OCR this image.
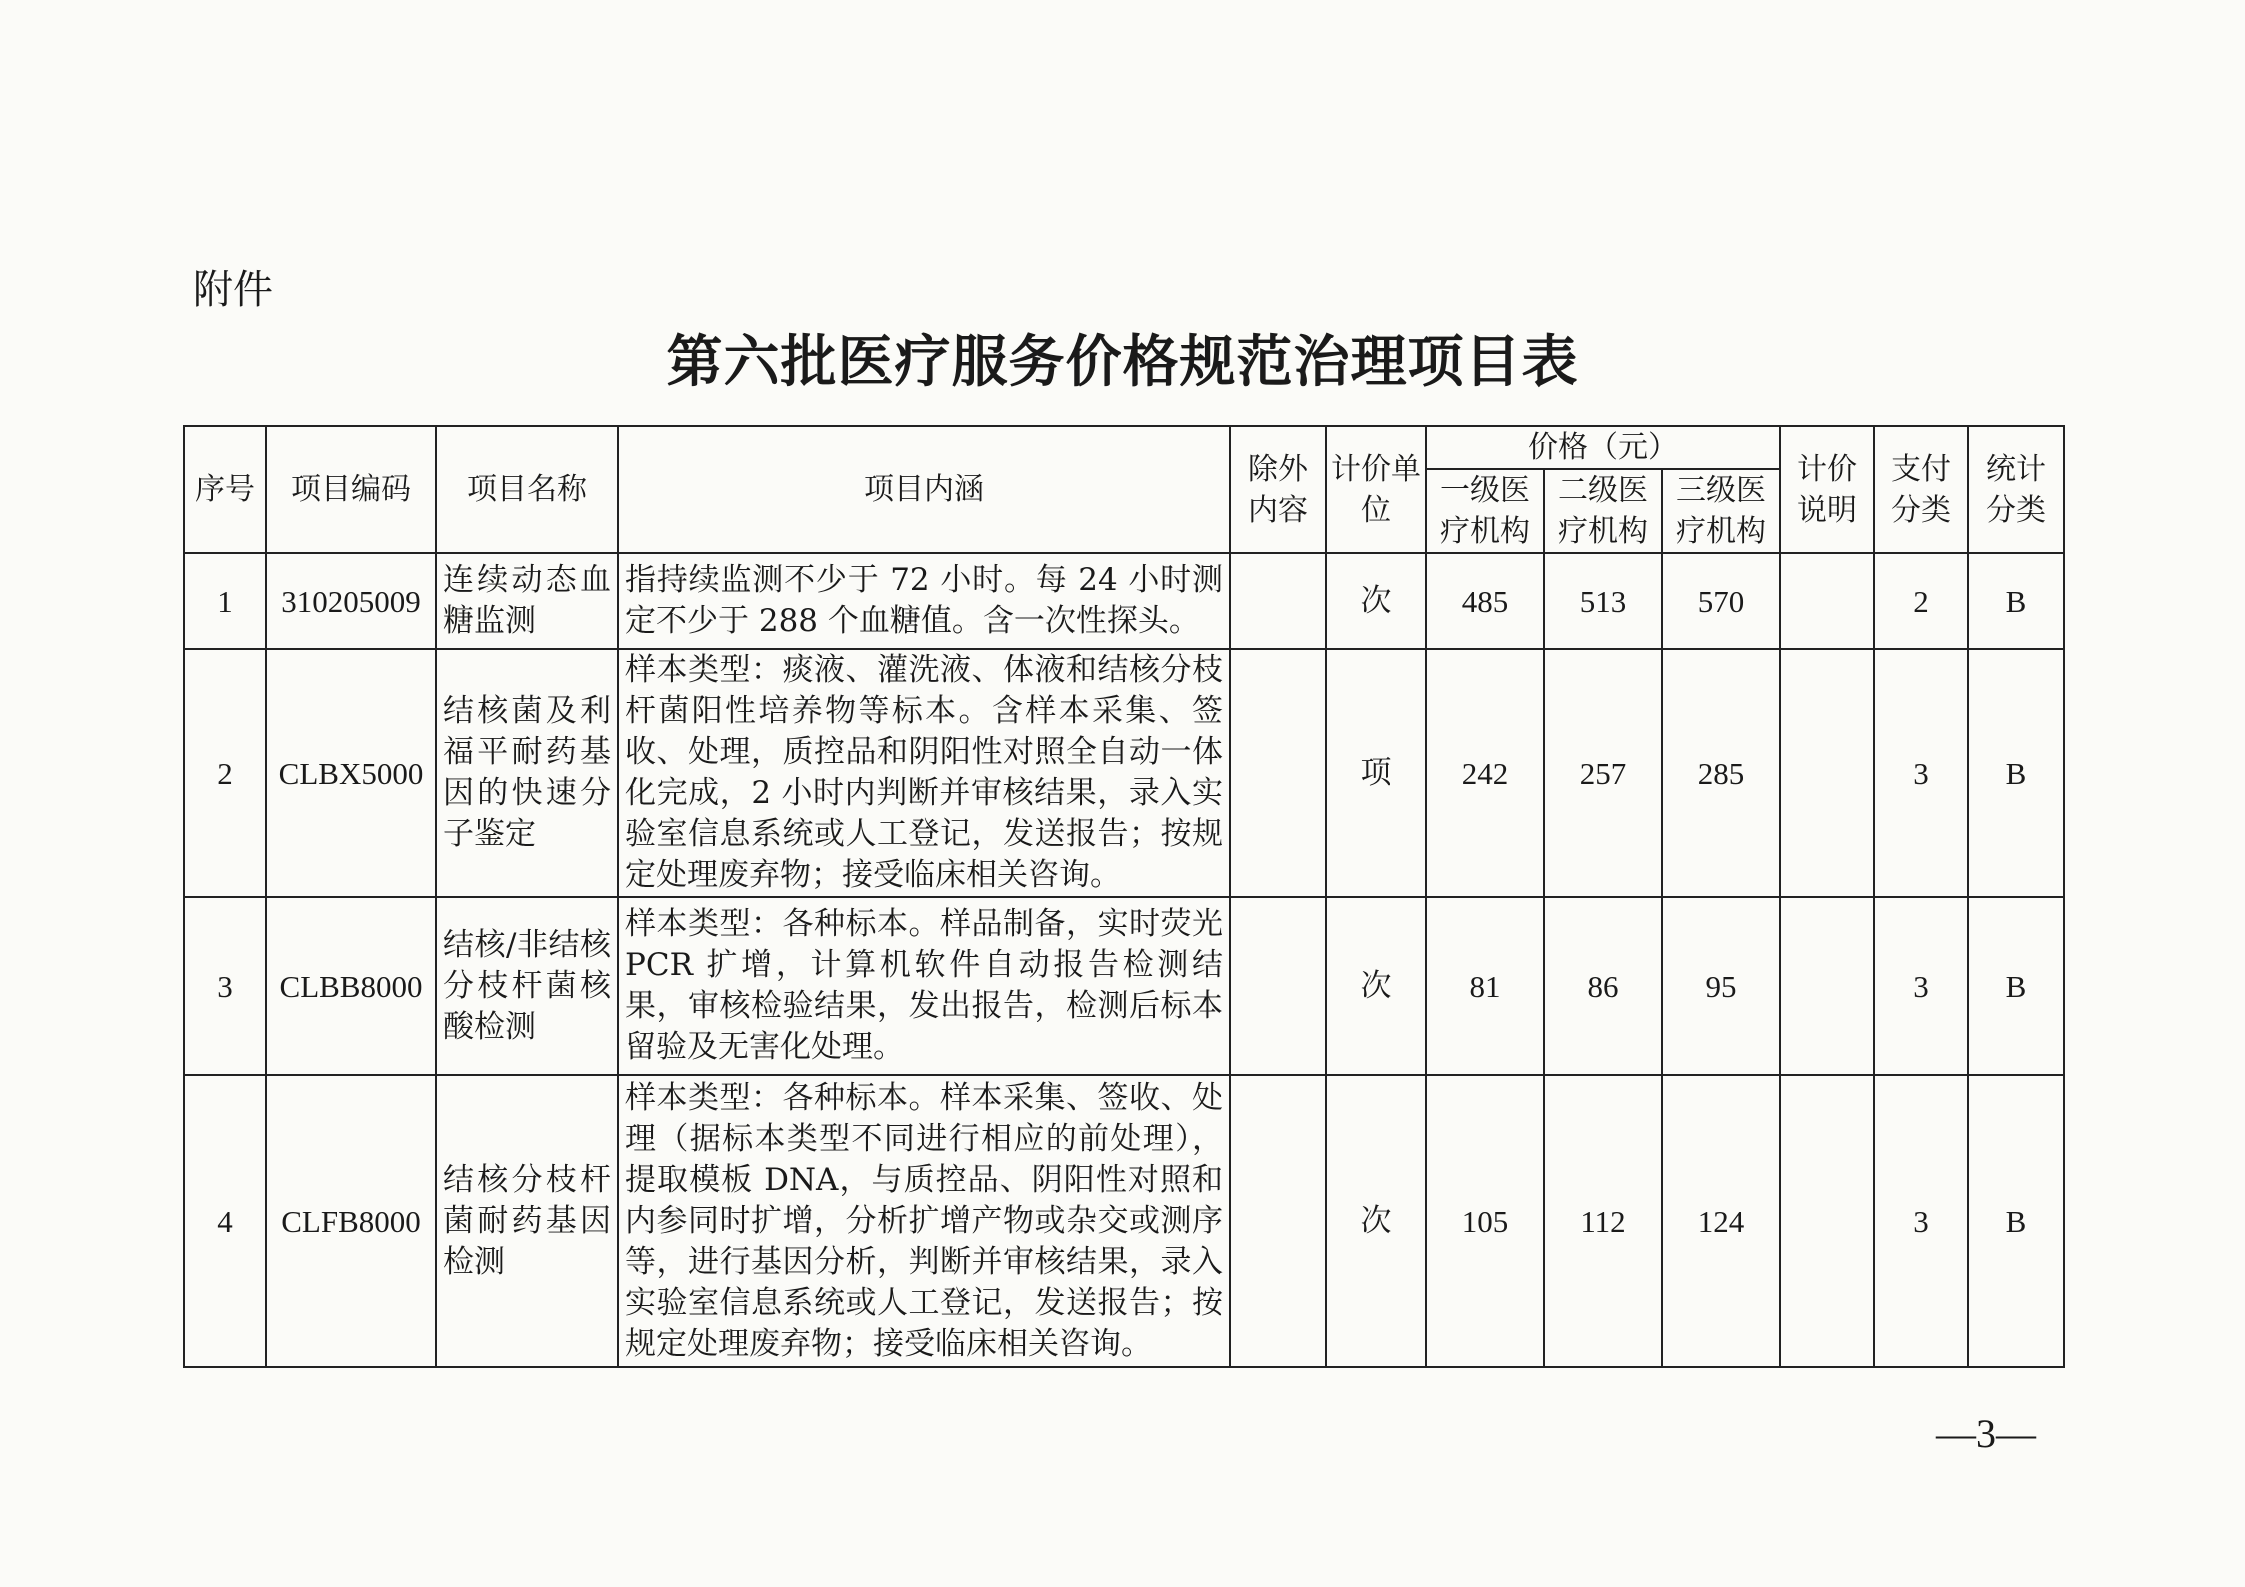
附件
第六批医疗服务价格规范治理项目表
序号	项目编码	项目名称	项目内涵	除外内容	计价单位	价格（元）			计价说明	支付分类	统计分类
						一级医疗机构	二级医疗机构	三级医疗机构			
1	310205009	连续动态血糖监测	指持续监测不少于 72 小时。每 24 小时测定不少于 288 个血糖值。含一次性探头。		次	485	513	570		2	B
2	CLBX5000	结核菌及利福平耐药基因的快速分子鉴定	样本类型：痰液、灌洗液、体液和结核分枝杆菌阳性培养物等标本。含样本采集、签收、处理，质控品和阴阳性对照全自动一体化完成，2 小时内判断并审核结果，录入实验室信息系统或人工登记，发送报告；按规定处理废弃物；接受临床相关咨询。		项	242	257	285		3	B
3	CLBB8000	结核/非结核分枝杆菌核酸检测	样本类型：各种标本。样品制备，实时荧光 PCR 扩增，计算机软件自动报告检测结果，审核检验结果，发出报告，检测后标本留验及无害化处理。		次	81	86	95		3	B
4	CLFB8000	结核分枝杆菌耐药基因检测	样本类型：各种标本。样本采集、签收、处理（据标本类型不同进行相应的前处理），提取模板 DNA，与质控品、阴阳性对照和内参同时扩增，分析扩增产物或杂交或测序等，进行基因分析，判断并审核结果，录入实验室信息系统或人工登记，发送报告；按规定处理废弃物；接受临床相关咨询。		次	105	112	124		3	B
—3—
